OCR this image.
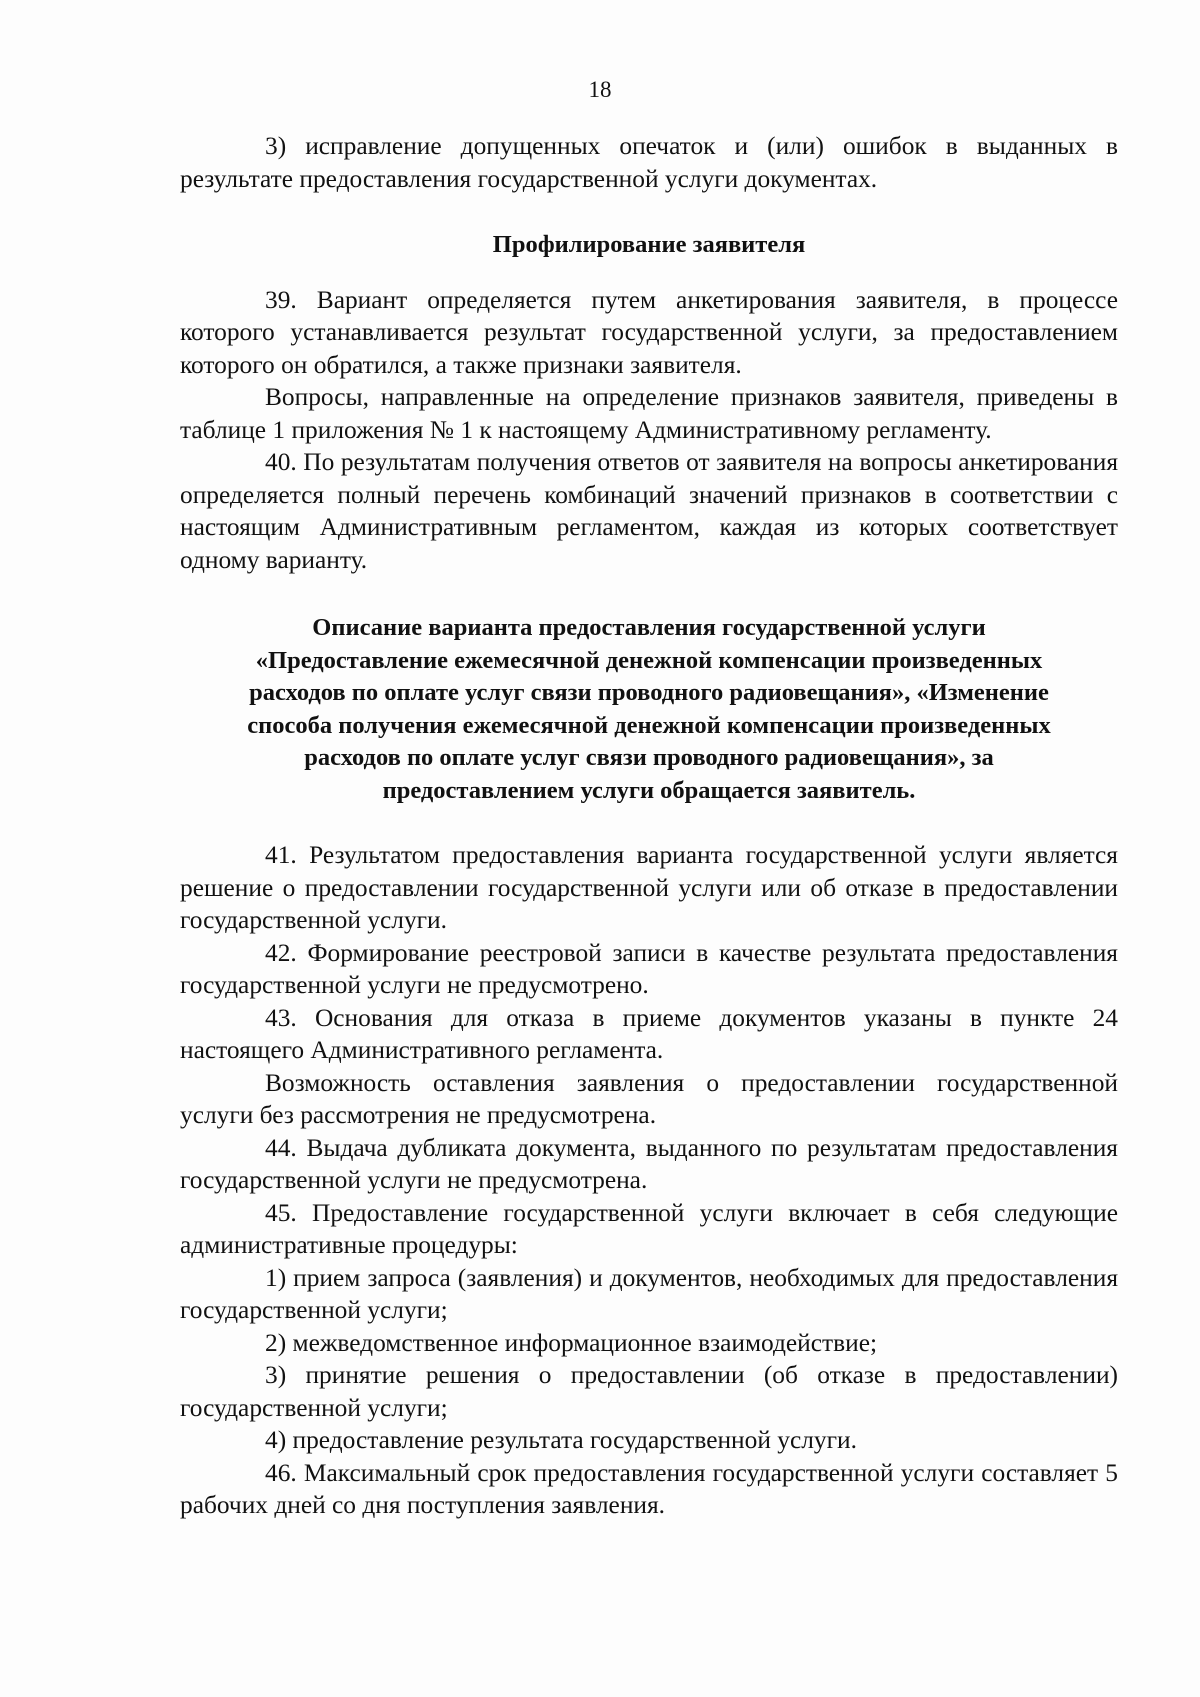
18

3) исправление допущенных опечаток и (или) ошибок в выданных в результате предоставления государственной услуги документах.

Профилирование заявителя

39. Вариант определяется путем анкетирования заявителя, в процессе которого устанавливается результат государственной услуги, за предоставлением которого он обратился, а также признаки заявителя.

Вопросы, направленные на определение признаков заявителя, приведены в таблице 1 приложения № 1 к настоящему Административному регламенту.

40. По результатам получения ответов от заявителя на вопросы анкетирования определяется полный перечень комбинаций значений признаков в соответствии с настоящим Административным регламентом, каждая из которых соответствует одному варианту.

Описание варианта предоставления государственной услуги
«Предоставление ежемесячной денежной компенсации произведенных
расходов по оплате услуг связи проводного радиовещания», «Изменение
способа получения ежемесячной денежной компенсации произведенных
расходов по оплате услуг связи проводного радиовещания», за
предоставлением услуги обращается заявитель.

41. Результатом предоставления варианта государственной услуги является решение о предоставлении государственной услуги или об отказе в предоставлении государственной услуги.

42. Формирование реестровой записи в качестве результата предоставления государственной услуги не предусмотрено.

43. Основания для отказа в приеме документов указаны в пункте 24 настоящего Административного регламента.

Возможность оставления заявления о предоставлении государственной услуги без рассмотрения не предусмотрена.

44. Выдача дубликата документа, выданного по результатам предоставления государственной услуги не предусмотрена.

45. Предоставление государственной услуги включает в себя следующие административные процедуры:

1) прием запроса (заявления) и документов, необходимых для предоставления государственной услуги;

2) межведомственное информационное взаимодействие;

3) принятие решения о предоставлении (об отказе в предоставлении) государственной услуги;

4) предоставление результата государственной услуги.

46. Максимальный срок предоставления государственной услуги составляет 5 рабочих дней со дня поступления заявления.
